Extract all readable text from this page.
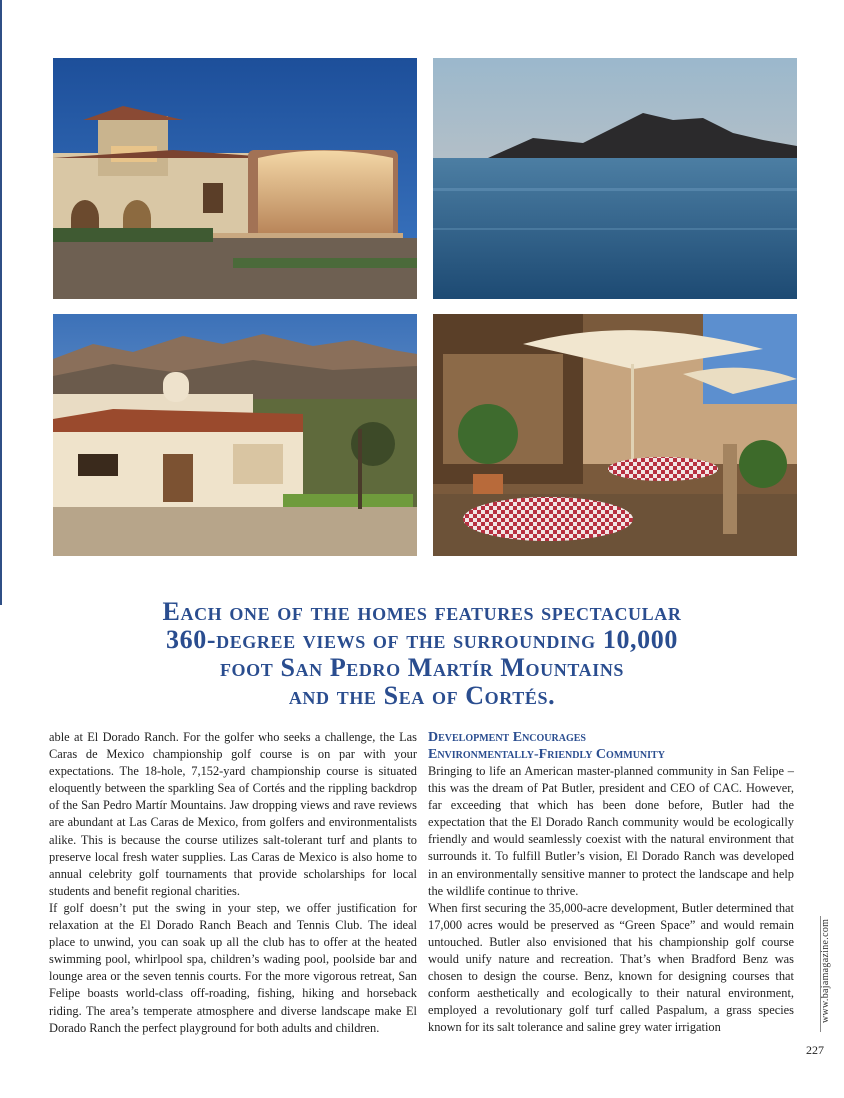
Each one of the homes features spectacular
360-degree views of the surrounding 10,000
foot San Pedro Martír Mountains
and the Sea of Cortés.

able at El Dorado Ranch. For the golfer who seeks a challenge, the Las Caras de Mexico championship golf course is on par with your expectations. The 18-hole, 7,152-yard championship course is situated eloquently between the sparkling Sea of Cortés and the rippling backdrop of the San Pedro Martír Mountains. Jaw dropping views and rave reviews are abundant at Las Caras de Mexico, from golfers and environmentalists alike. This is because the course utilizes salt-tolerant turf and plants to preserve local fresh water supplies. Las Caras de Mexico is also home to annual celebrity golf tournaments that provide scholarships for local students and benefit regional charities.

If golf doesn’t put the swing in your step, we offer justification for relaxation at the El Dorado Ranch Beach and Tennis Club. The ideal place to unwind, you can soak up all the club has to offer at the heated swimming pool, whirlpool spa, children’s wading pool, poolside bar and lounge area or the seven tennis courts. For the more vigorous retreat, San Felipe boasts world-class off-roading, fishing, hiking and horseback riding. The area’s temperate atmosphere and diverse landscape make El Dorado Ranch the perfect playground for both adults and children.

Development Encourages
Environmentally-Friendly Community

Bringing to life an American master-planned community in San Felipe – this was the dream of Pat Butler, president and CEO of CAC. However, far exceeding that which has been done before, Butler had the expectation that the El Dorado Ranch community would be ecologically friendly and would seamlessly coexist with the natural environment that surrounds it. To fulfill Butler’s vision, El Dorado Ranch was developed in an environmentally sensitive manner to protect the landscape and help the wildlife continue to thrive.

When first securing the 35,000-acre development, Butler determined that 17,000 acres would be preserved as “Green Space” and would remain untouched. Butler also envisioned that his championship golf course would unify nature and recreation. That’s when Bradford Benz was chosen to design the course. Benz, known for designing courses that conform aesthetically and ecologically to their natural environment, employed a revolutionary golf turf called Paspalum, a grass species known for its salt tolerance and saline grey water irrigation

www.bajamagazine.com
227
